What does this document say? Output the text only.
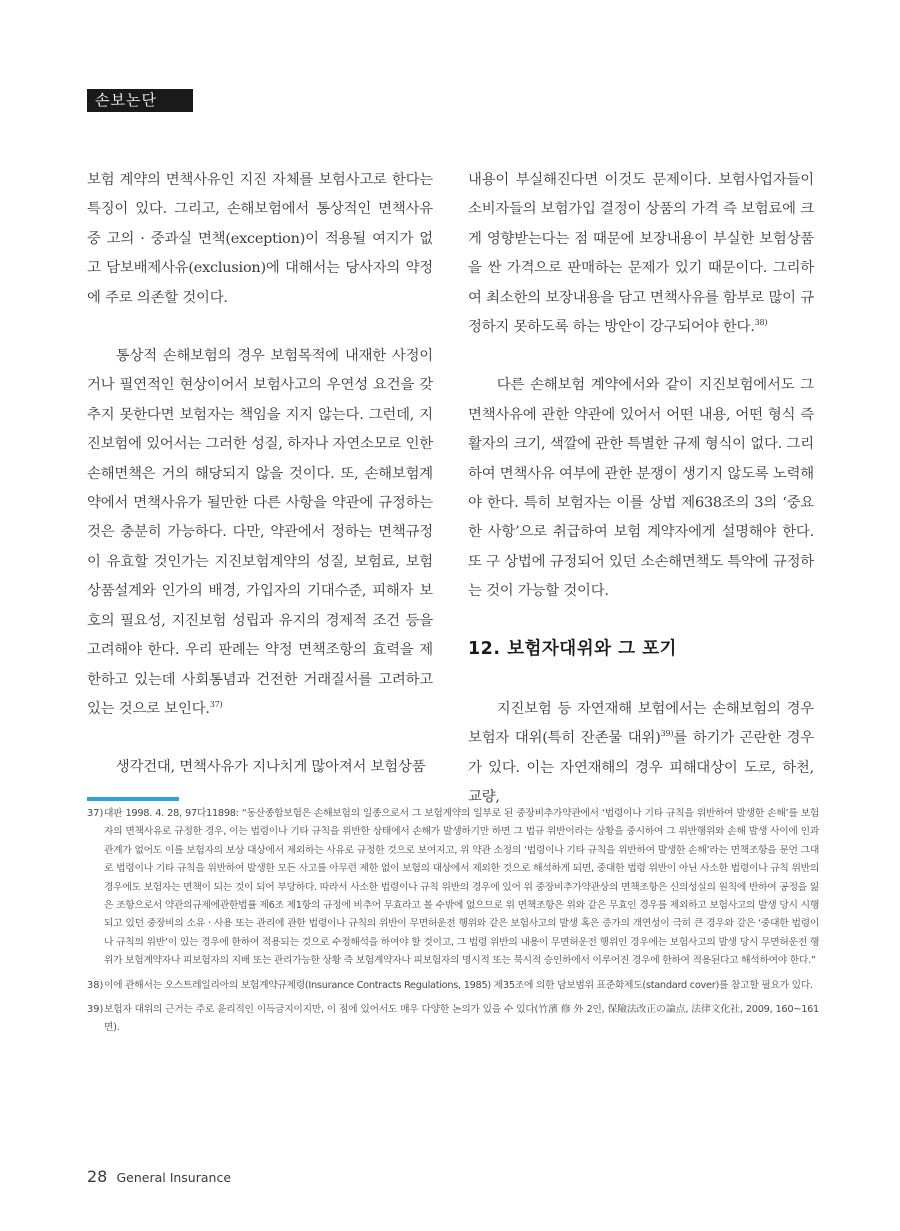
손보논단

보험 계약의 면책사유인 지진 자체를 보험사고로 한다는 특징이 있다. 그리고, 손해보험에서 통상적인 면책사유 중 고의 · 중과실 면책(exception)이 적용될 여지가 없고 담보배제사유(exclusion)에 대해서는 당사자의 약정에 주로 의존할 것이다.

통상적 손해보험의 경우 보험목적에 내재한 사정이거나 필연적인 현상이어서 보험사고의 우연성 요건을 갖추지 못한다면 보험자는 책임을 지지 않는다. 그런데, 지진보험에 있어서는 그러한 성질, 하자나 자연소모로 인한 손해면책은 거의 해당되지 않을 것이다. 또, 손해보험계약에서 면책사유가 될만한 다른 사항을 약관에 규정하는 것은 충분히 가능하다. 다만, 약관에서 정하는 면책규정이 유효할 것인가는 지진보험계약의 성질, 보험료, 보험상품설계와 인가의 배경, 가입자의 기대수준, 피해자 보호의 필요성, 지진보험 성립과 유지의 경제적 조건 등을 고려해야 한다. 우리 판례는 약정 면책조항의 효력을 제한하고 있는데 사회통념과 건전한 거래질서를 고려하고 있는 것으로 보인다.$^{37)}$

생각건대, 면책사유가 지나치게 많아져서 보험상품

내용이 부실해진다면 이것도 문제이다. 보험사업자들이 소비자들의 보험가입 결정이 상품의 가격 즉 보험료에 크게 영향받는다는 점 때문에 보장내용이 부실한 보험상품을 싼 가격으로 판매하는 문제가 있기 때문이다. 그리하여 최소한의 보장내용을 담고 면책사유를 함부로 많이 규정하지 못하도록 하는 방안이 강구되어야 한다.$^{38)}$

다른 손해보험 계약에서와 같이 지진보험에서도 그 면책사유에 관한 약관에 있어서 어떤 내용, 어떤 형식 즉 활자의 크기, 색깔에 관한 특별한 규제 형식이 없다. 그리하여 면책사유 여부에 관한 분쟁이 생기지 않도록 노력해야 한다. 특히 보험자는 이를 상법 제638조의 3의 ‘중요한 사항’으로 취급하여 보험 계약자에게 설명해야 한다. 또 구 상법에 규정되어 있던 소손해면책도 특약에 규정하는 것이 가능할 것이다.

12. 보험자대위와 그 포기

지진보험 등 자연재해 보험에서는 손해보험의 경우 보험자 대위(특히 잔존물 대위)$^{39)}$를 하기가 곤란한 경우가 있다. 이는 자연재해의 경우 피해대상이 도로, 하천, 교량,

37) 대판 1998. 4. 28, 97다11898: “동산종합보험은 손해보험의 일종으로서 그 보험계약의 일부로 된 중장비추가약관에서 ‘법령이나 기타 규칙을 위반하여 발생한 손해’를 보험자의 면책사유로 규정한 경우, 이는 법령이나 기타 규칙을 위반한 상태에서 손해가 발생하기만 하면 그 법규 위반이라는 상황을 중시하여 그 위반행위와 손해 발생 사이에 인과관계가 없어도 이를 보험자의 보상 대상에서 제외하는 사유로 규정한 것으로 보여지고, 위 약관 소정의 ‘법령이나 기타 규칙을 위반하여 발생한 손해’라는 면책조항을 문언 그대로 법령이나 기타 규칙을 위반하여 발생한 모든 사고를 아무런 제한 없이 보험의 대상에서 제외한 것으로 해석하게 되면, 중대한 법령 위반이 아닌 사소한 법령이나 규칙 위반의 경우에도 보험자는 면책이 되는 것이 되어 부당하다. 따라서 사소한 법령이나 규칙 위반의 경우에 있어 위 중장비추가약관상의 면책조항은 신의성실의 원칙에 반하여 공정을 잃은 조항으로서 약관의규제에관한법률 제6조 제1항의 규정에 비추어 무효라고 볼 수밖에 없으므로 위 면책조항은 위와 같은 무효인 경우를 제외하고 보험사고의 발생 당시 시행되고 있던 중장비의 소유 · 사용 또는 관리에 관한 법령이나 규칙의 위반이 무면허운전 행위와 같은 보험사고의 발생 혹은 증가의 개연성이 극히 큰 경우와 같은 ‘중대한 법령이나 규칙의 위반’이 있는 경우에 한하여 적용되는 것으로 수정해석을 하여야 할 것이고, 그 법령 위반의 내용이 무면허운전 행위인 경우에는 보험사고의 발생 당시 무면허운전 행위가 보험계약자나 피보험자의 지배 또는 관리가능한 상황 즉 보험계약자나 피보험자의 명시적 또는 묵시적 승인하에서 이루어진 경우에 한하여 적용된다고 해석하여야 한다.”
38) 이에 관해서는 오스트레일리아의 보험계약규제령(Insurance Contracts Regulations, 1985) 제35조에 의한 담보범위 표준화제도(standard cover)를 참고할 필요가 있다.
39) 보험자 대위의 근거는 주로 윤리적인 이득금지이지만, 이 점에 있어서도 매우 다양한 논의가 있을 수 있다(竹濱 修 外 2인, 保險法改正の論点, 法律文化社, 2009, 160~161면).
28 General Insurance
